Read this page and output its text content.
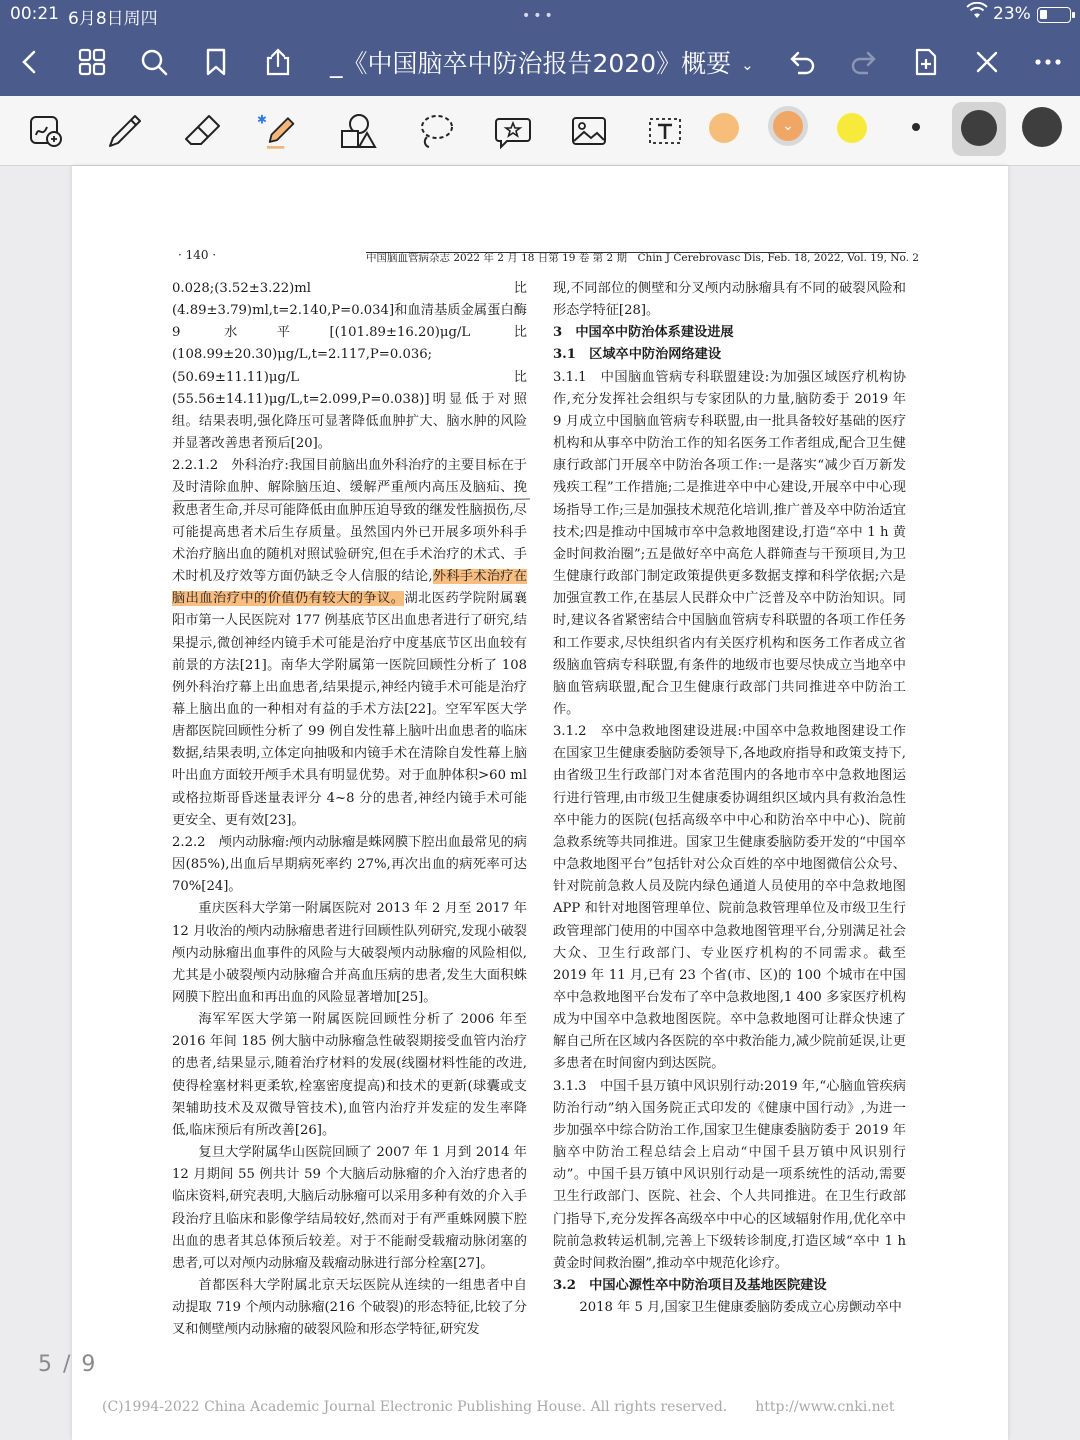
00:21 6月8日周四	•••	23%
_《中国脑卒中防治报告2020》概要 ⌄
✱	⌄
· 140 ·	中国脑血管病杂志 2022 年 2 月 18 日第 19 卷 第 2 期　Chin J Cerebrovasc Dis, Feb. 18, 2022, Vol. 19, No. 2

0.028;(3.52±3.22)ml 比(4.89±3.79)ml,t=2.140,P=0.034]和血清基质金属蛋白酶 9 水平[(101.89±16.20)μg/L 比(108.99±20.30)μg/L,t=2.117,P=0.036;(50.69±11.11)μg/L 比(55.56±14.11)μg/L,t=2.099,P=0.038)]明显低于对照组。结果表明,强化降压可显著降低血肿扩大、脑水肿的风险并显著改善患者预后[20]。

2.2.1.2　外科治疗:我国目前脑出血外科治疗的主要目标在于及时清除血肿、解除脑压迫、缓解严重颅内高压及脑疝、挽救患者生命,并尽可能降低由血肿压迫导致的继发性脑损伤,尽可能提高患者术后生存质量。虽然国内外已开展多项外科手术治疗脑出血的随机对照试验研究,但在手术治疗的术式、手术时机及疗效等方面仍缺乏令人信服的结论,外科手术治疗在脑出血治疗中的价值仍有较大的争议。湖北医药学院附属襄阳市第一人民医院对 177 例基底节区出血患者进行了研究,结果提示,微创神经内镜手术可能是治疗中度基底节区出血较有前景的方法[21]。南华大学附属第一医院回顾性分析了 108 例外科治疗幕上出血患者,结果提示,神经内镜手术可能是治疗幕上脑出血的一种相对有益的手术方法[22]。空军军医大学唐都医院回顾性分析了 99 例自发性幕上脑叶出血患者的临床数据,结果表明,立体定向抽吸和内镜手术在清除自发性幕上脑叶出血方面较开颅手术具有明显优势。对于血肿体积>60 ml 或格拉斯哥昏迷量表评分 4~8 分的患者,神经内镜手术可能更安全、更有效[23]。

2.2.2　颅内动脉瘤:颅内动脉瘤是蛛网膜下腔出血最常见的病因(85%),出血后早期病死率约 27%,再次出血的病死率可达 70%[24]。

重庆医科大学第一附属医院对 2013 年 2 月至 2017 年 12 月收治的颅内动脉瘤患者进行回顾性队列研究,发现小破裂颅内动脉瘤出血事件的风险与大破裂颅内动脉瘤的风险相似,尤其是小破裂颅内动脉瘤合并高血压病的患者,发生大面积蛛网膜下腔出血和再出血的风险显著增加[25]。

海军军医大学第一附属医院回顾性分析了 2006 年至 2016 年间 185 例大脑中动脉瘤急性破裂期接受血管内治疗的患者,结果显示,随着治疗材料的发展(线圈材料性能的改进,使得栓塞材料更柔软,栓塞密度提高)和技术的更新(球囊或支架辅助技术及双微导管技术),血管内治疗并发症的发生率降低,临床预后有所改善[26]。

复旦大学附属华山医院回顾了 2007 年 1 月到 2014 年 12 月期间 55 例共计 59 个大脑后动脉瘤的介入治疗患者的临床资料,研究表明,大脑后动脉瘤可以采用多种有效的介入手段治疗且临床和影像学结局较好,然而对于有严重蛛网膜下腔出血的患者其总体预后较差。对于不能耐受载瘤动脉闭塞的患者,可以对颅内动脉瘤及载瘤动脉进行部分栓塞[27]。

首都医科大学附属北京天坛医院从连续的一组患者中自动提取 719 个颅内动脉瘤(216 个破裂)的形态特征,比较了分叉和侧壁颅内动脉瘤的破裂风险和形态学特征,研究发

现,不同部位的侧壁和分叉颅内动脉瘤具有不同的破裂风险和形态学特征[28]。

3　中国卒中防治体系建设进展

3.1　区域卒中防治网络建设

3.1.1　中国脑血管病专科联盟建设:为加强区域医疗机构协作,充分发挥社会组织与专家团队的力量,脑防委于 2019 年 9 月成立中国脑血管病专科联盟,由一批具备较好基础的医疗机构和从事卒中防治工作的知名医务工作者组成,配合卫生健康行政部门开展卒中防治各项工作:一是落实“减少百万新发残疾工程”工作措施;二是推进卒中中心建设,开展卒中中心现场指导工作;三是加强技术规范化培训,推广普及卒中防治适宜技术;四是推动中国城市卒中急救地图建设,打造“卒中 1 h 黄金时间救治圈”;五是做好卒中高危人群筛查与干预项目,为卫生健康行政部门制定政策提供更多数据支撑和科学依据;六是加强宣教工作,在基层人民群众中广泛普及卒中防治知识。同时,建议各省紧密结合中国脑血管病专科联盟的各项工作任务和工作要求,尽快组织省内有关医疗机构和医务工作者成立省级脑血管病专科联盟,有条件的地级市也要尽快成立当地卒中脑血管病联盟,配合卫生健康行政部门共同推进卒中防治工作。

3.1.2　卒中急救地图建设进展:中国卒中急救地图建设工作在国家卫生健康委脑防委领导下,各地政府指导和政策支持下,由省级卫生行政部门对本省范围内的各地市卒中急救地图运行进行管理,由市级卫生健康委协调组织区域内具有救治急性卒中能力的医院(包括高级卒中中心和防治卒中中心)、院前急救系统等共同推进。国家卫生健康委脑防委开发的“中国卒中急救地图平台”包括针对公众百姓的卒中地图微信公众号、针对院前急救人员及院内绿色通道人员使用的卒中急救地图 APP 和针对地图管理单位、院前急救管理单位及市级卫生行政管理部门使用的中国卒中急救地图管理平台,分别满足社会大众、卫生行政部门、专业医疗机构的不同需求。截至 2019 年 11 月,已有 23 个省(市、区)的 100 个城市在中国卒中急救地图平台发布了卒中急救地图,1 400 多家医疗机构成为中国卒中急救地图医院。卒中急救地图可让群众快速了解自己所在区域内各医院的卒中救治能力,减少院前延误,让更多患者在时间窗内到达医院。

3.1.3　中国千县万镇中风识别行动:2019 年,“心脑血管疾病防治行动”纳入国务院正式印发的《健康中国行动》,为进一步加强卒中综合防治工作,国家卫生健康委脑防委于 2019 年脑卒中防治工程总结会上启动“中国千县万镇中风识别行动”。中国千县万镇中风识别行动是一项系统性的活动,需要卫生行政部门、医院、社会、个人共同推进。在卫生行政部门指导下,充分发挥各高级卒中中心的区域辐射作用,优化卒中院前急救转运机制,完善上下级转诊制度,打造区域“卒中 1 h 黄金时间救治圈”,推动卒中规范化诊疗。

3.2　中国心源性卒中防治项目及基地医院建设

2018 年 5 月,国家卫生健康委脑防委成立心房颤动卒中

5 / 9
(C)1994-2022 China Academic Journal Electronic Publishing House. All rights reserved.　　http://www.cnki.net
